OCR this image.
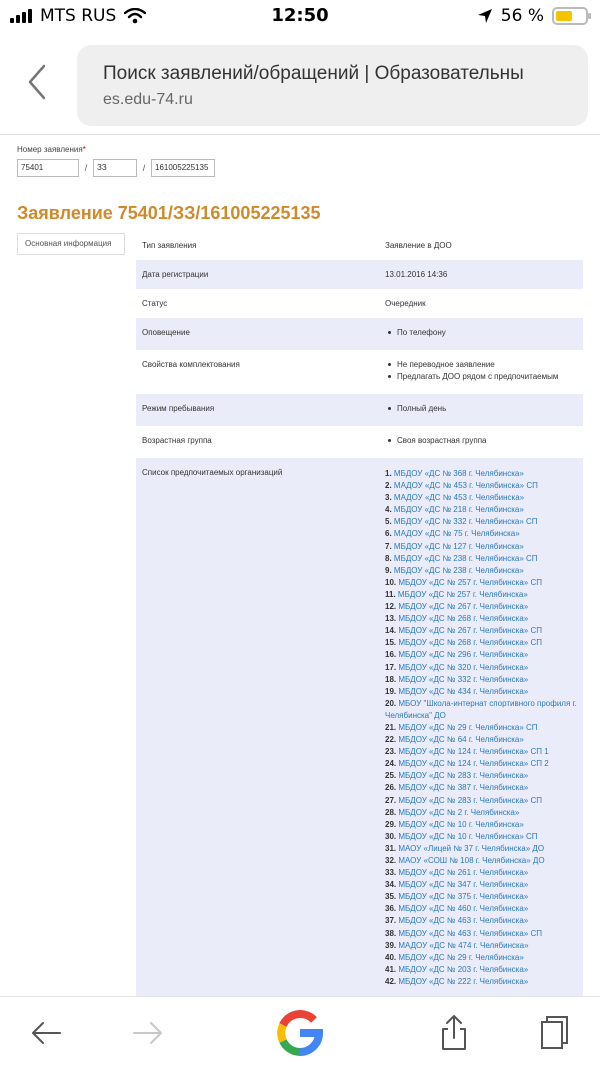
MTS RUS	12:50	56 %
Поиск заявлений/обращений | Образовательны
es.edu-74.ru
Номер заявления*
75401	/	ЗЗ	/	161005225135
Заявление 75401/ЗЗ/161005225135
Основная информация	Тип заявления	Заявление в ДОО
Дата регистрации	13.01.2016 14:36
Статус	Очередник
Оповещение	По телефону
Свойства комплектования	Не переводное заявление
Предлагать ДОО рядом с предпочитаемым
Режим пребывания	Полный день
Возрастная группа	Своя возрастная группа
Список предпочитаемых организаций	1. МБДОУ «ДС № 368 г. Челябинска»
2. МАДОУ «ДС № 453 г. Челябинска» СП
3. МАДОУ «ДС № 453 г. Челябинска»
4. МБДОУ «ДС № 218 г. Челябинска»
5. МБДОУ «ДС № 332 г. Челябинска» СП
6. МАДОУ «ДС № 75 г. Челябинска»
7. МБДОУ «ДС № 127 г. Челябинска»
8. МБДОУ «ДС № 238 г. Челябинска» СП
9. МБДОУ «ДС № 238 г. Челябинска»
10. МБДОУ «ДС № 257 г. Челябинска» СП
11. МБДОУ «ДС № 257 г. Челябинска»
12. МБДОУ «ДС № 267 г. Челябинска»
13. МБДОУ «ДС № 268 г. Челябинска»
14. МБДОУ «ДС № 267 г. Челябинска» СП
15. МБДОУ «ДС № 268 г. Челябинска» СП
16. МБДОУ «ДС № 296 г. Челябинска»
17. МБДОУ «ДС № 320 г. Челябинска»
18. МБДОУ «ДС № 332 г. Челябинска»
19. МБДОУ «ДС № 434 г. Челябинска»
20. МБОУ "Школа-интернат спортивного профиля г. Челябинска" ДО
21. МБДОУ «ДС № 29 г. Челябинска» СП
22. МБДОУ «ДС № 64 г. Челябинска»
23. МБДОУ «ДС № 124 г. Челябинска» СП 1
24. МБДОУ «ДС № 124 г. Челябинска» СП 2
25. МБДОУ «ДС № 283 г. Челябинска»
26. МБДОУ «ДС № 387 г. Челябинска»
27. МБДОУ «ДС № 283 г. Челябинска» СП
28. МБДОУ «ДС № 2 г. Челябинска»
29. МБДОУ «ДС № 10 г. Челябинска»
30. МБДОУ «ДС № 10 г. Челябинска» СП
31. МАОУ «Лицей № 37 г. Челябинска» ДО
32. МАОУ «СОШ № 108 г. Челябинска» ДО
33. МБДОУ «ДС № 261 г. Челябинска»
34. МБДОУ «ДС № 347 г. Челябинска»
35. МБДОУ «ДС № 375 г. Челябинска»
36. МБДОУ «ДС № 460 г. Челябинска»
37. МБДОУ «ДС № 463 г. Челябинска»
38. МБДОУ «ДС № 463 г. Челябинска» СП
39. МАДОУ «ДС № 474 г. Челябинска»
40. МБДОУ «ДС № 29 г. Челябинска»
41. МБДОУ «ДС № 203 г. Челябинска»
42. МБДОУ «ДС № 222 г. Челябинска»
